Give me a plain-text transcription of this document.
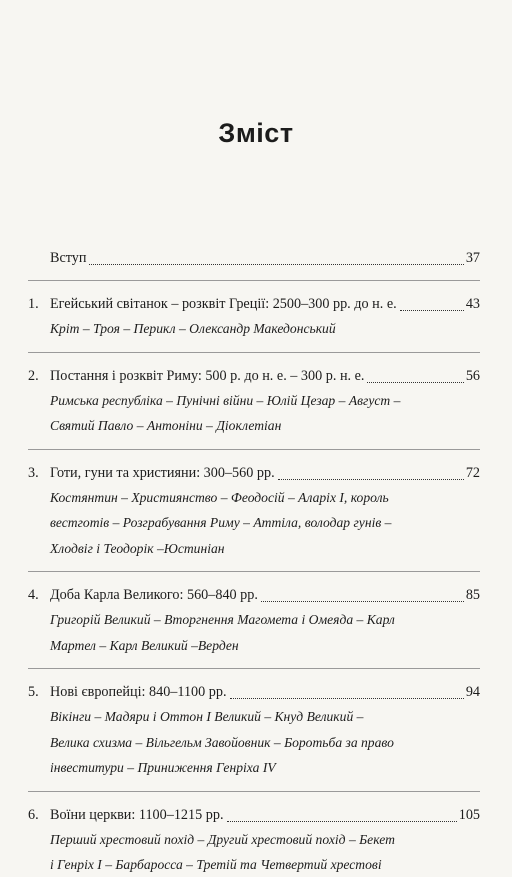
Зміст
Вступ	37
1. Егейський світанок – розквіт Греції: 2500–300 рр. до н. е.	43
Кріт – Троя – Перикл – Олександр Македонський
2. Постання і розквіт Риму: 500 р. до н. е. – 300 р. н. е.	56
Римська республіка – Пунічні війни – Юлій Цезар – Август –
Святий Павло – Антоніни – Діоклетіан
3. Готи, гуни та християни: 300–560 рр.	72
Костянтин – Християнство – Феодосій – Аларіх І, король
вестготів – Розграбування Риму – Аттіла, володар гунів –
Хлодвіг і Теодорік –Юстиніан
4. Доба Карла Великого: 560–840 рр.	85
Григорій Великий – Вторгнення Магомета і Омеяда – Карл
Мартел – Карл Великий –Верден
5. Нові європейці: 840–1100 рр.	94
Вікінги – Мадяри і Оттон І Великий – Кнуд Великий –
Велика схизма – Вільгельм Завойовник – Боротьба за право
інвеститури – Приниження Генріха IV
6. Воїни церкви: 1100–1215 рр.	105
Перший хрестовий похід – Другий хрестовий похід – Бекет
і Генріх І – Барбаросса – Третій та Четвертий хрестові
